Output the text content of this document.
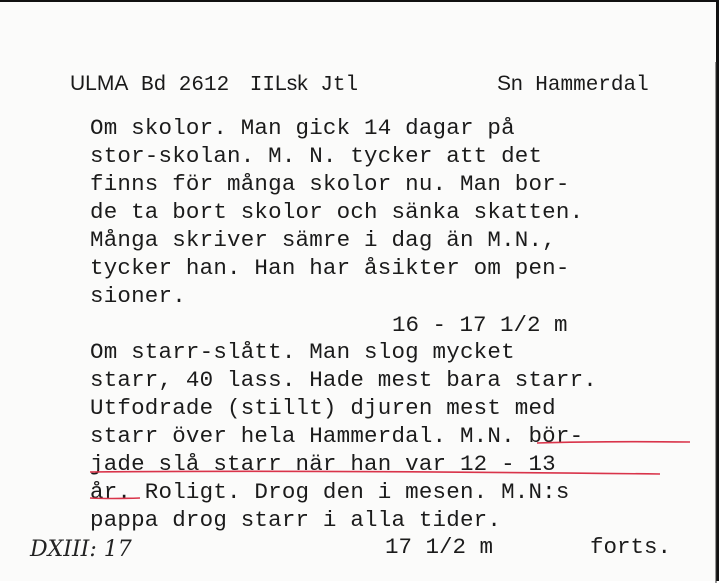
ULMA Bd 2612 IILsk Jtl	Sn Hammerdal
Om skolor. Man gick 14 dagar på
stor-skolan. M. N. tycker att det
finns för många skolor nu. Man bor-
de ta bort skolor och sänka skatten.
Många skriver sämre i dag än M.N.,
tycker han. Han har åsikter om pen-
sioner.
16 - 17 1/2 m
Om starr-slått. Man slog mycket
starr, 40 lass. Hade mest bara starr.
Utfodrade (stillt) djuren mest med
starr över hela Hammerdal. M.N. bör-
jade slå starr när han var 12 - 13
år. Roligt. Drog den i mesen. M.N:s
pappa drog starr i alla tider.
17 1/2 m	forts.
DXIII: 17
